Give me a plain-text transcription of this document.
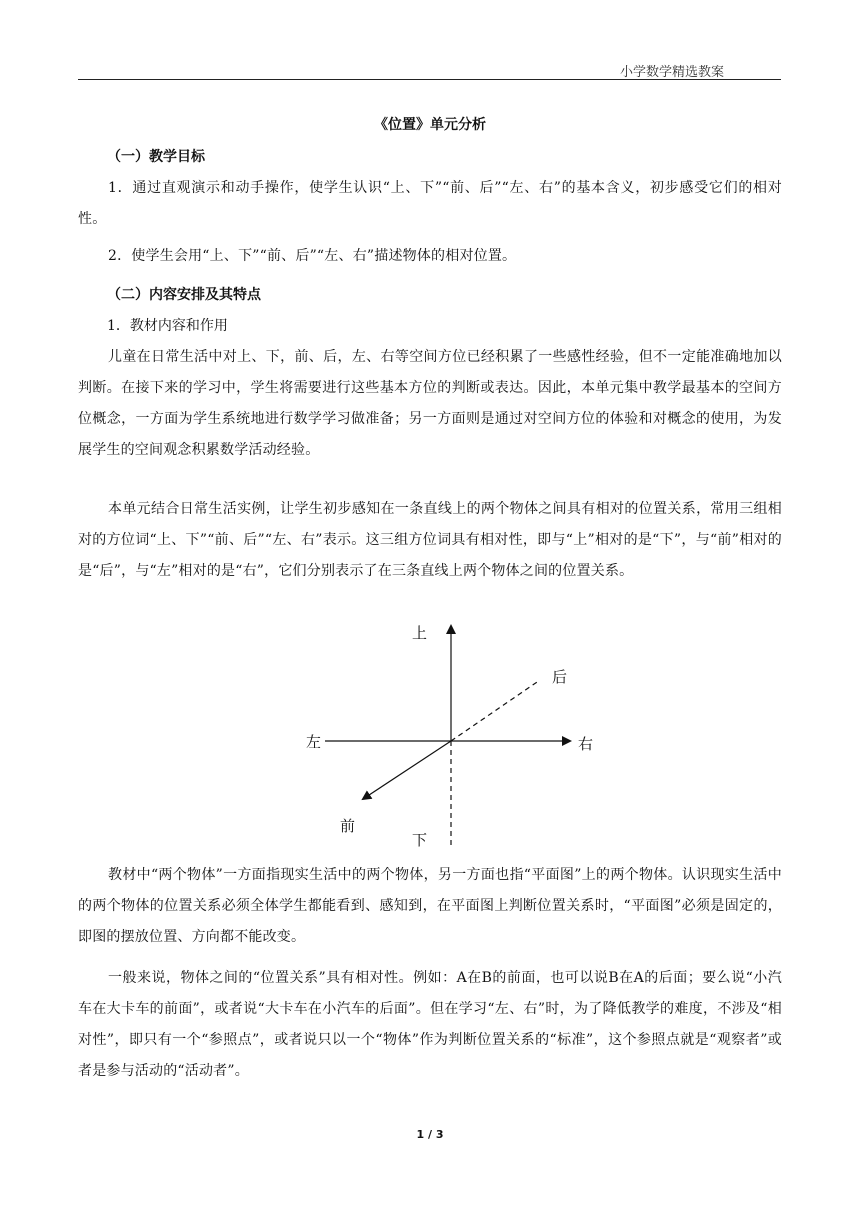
小学数学精选教案
《位置》单元分析
（一）教学目标

1．通过直观演示和动手操作，使学生认识“上、下”“前、后”“左、右”的基本含义，初步感受它们的相对性。

2．使学生会用“上、下”“前、后”“左、右”描述物体的相对位置。

（二）内容安排及其特点
1．教材内容和作用

儿童在日常生活中对上、下，前、后，左、右等空间方位已经积累了一些感性经验，但不一定能准确地加以判断。在接下来的学习中，学生将需要进行这些基本方位的判断或表达。因此，本单元集中教学最基本的空间方位概念，一方面为学生系统地进行数学学习做准备；另一方面则是通过对空间方位的体验和对概念的使用，为发展学生的空间观念积累数学活动经验。

本单元结合日常生活实例，让学生初步感知在一条直线上的两个物体之间具有相对的位置关系，常用三组相对的方位词“上、下”“前、后”“左、右”表示。这三组方位词具有相对性，即与“上”相对的是“下”，与“前”相对的是“后”，与“左”相对的是“右”，它们分别表示了在三条直线上两个物体之间的位置关系。

上
后
左	右
前
下

教材中“两个物体”一方面指现实生活中的两个物体，另一方面也指“平面图”上的两个物体。认识现实生活中的两个物体的位置关系必须全体学生都能看到、感知到，在平面图上判断位置关系时，“平面图”必须是固定的，即图的摆放位置、方向都不能改变。

一般来说，物体之间的“位置关系”具有相对性。例如：A在B的前面，也可以说B在A的后面；要么说“小汽车在大卡车的前面”，或者说“大卡车在小汽车的后面”。但在学习“左、右”时，为了降低教学的难度，不涉及“相对性”，即只有一个“参照点”，或者说只以一个“物体”作为判断位置关系的“标准”，这个参照点就是“观察者”或者是参与活动的“活动者”。

1 / 3
